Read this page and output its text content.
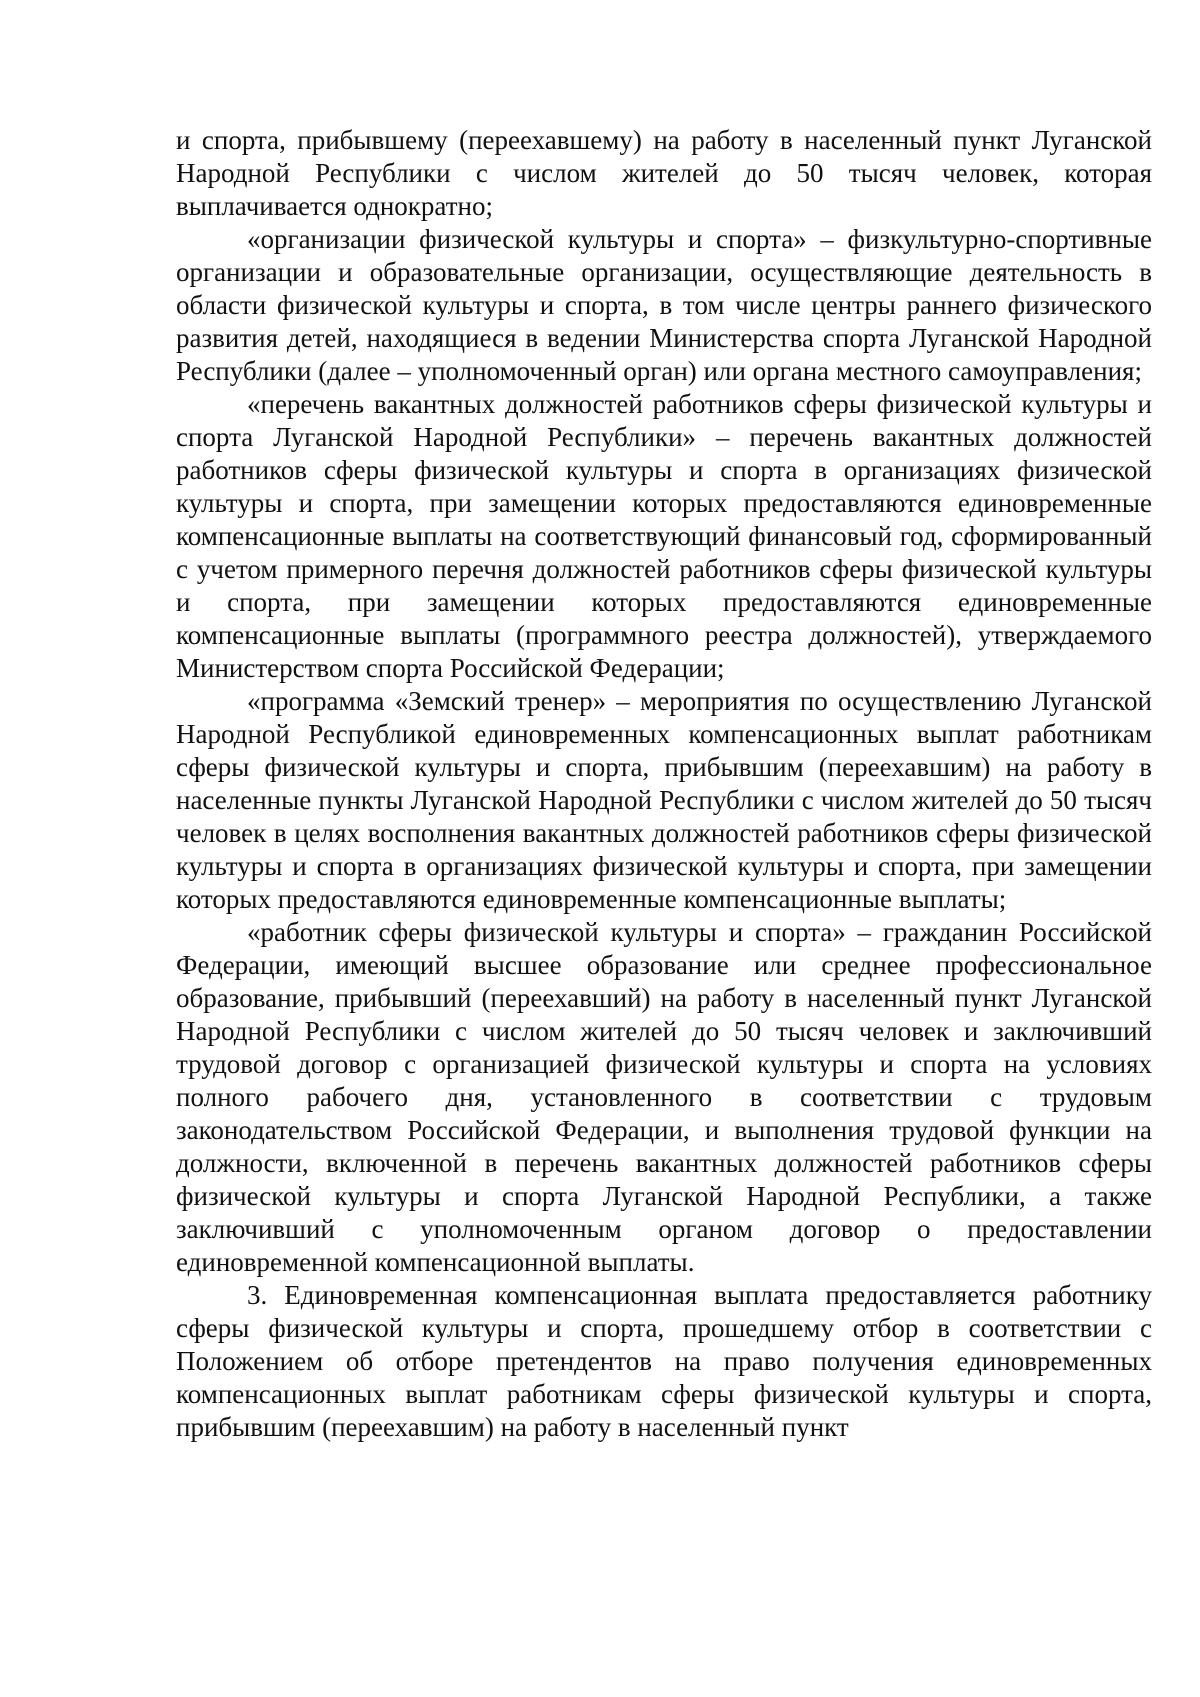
и спорта, прибывшему (переехавшему) на работу в населенный пункт Луганской Народной Республики с числом жителей до 50 тысяч человек, которая выплачивается однократно;

«организации физической культуры и спорта» – физкультурно-спортивные организации и образовательные организации, осуществляющие деятельность в области физической культуры и спорта, в том числе центры раннего физического развития детей, находящиеся в ведении Министерства спорта Луганской Народной Республики (далее – уполномоченный орган) или органа местного самоуправления;

«перечень вакантных должностей работников сферы физической культуры и спорта Луганской Народной Республики» – перечень вакантных должностей работников сферы физической культуры и спорта в организациях физической культуры и спорта, при замещении которых предоставляются единовременные компенсационные выплаты на соответствующий финансовый год, сформированный с учетом примерного перечня должностей работников сферы физической культуры и спорта, при замещении которых предоставляются единовременные компенсационные выплаты (программного реестра должностей), утверждаемого Министерством спорта Российской Федерации;

«программа «Земский тренер» – мероприятия по осуществлению Луганской Народной Республикой единовременных компенсационных выплат работникам сферы физической культуры и спорта, прибывшим (переехавшим) на работу в населенные пункты Луганской Народной Республики с числом жителей до 50 тысяч человек в целях восполнения вакантных должностей работников сферы физической культуры и спорта в организациях физической культуры и спорта, при замещении которых предоставляются единовременные компенсационные выплаты;

«работник сферы физической культуры и спорта» – гражданин Российской Федерации, имеющий высшее образование или среднее профессиональное образование, прибывший (переехавший) на работу в населенный пункт Луганской Народной Республики с числом жителей до 50 тысяч человек и заключивший трудовой договор с организацией физической культуры и спорта на условиях полного рабочего дня, установленного в соответствии с трудовым законодательством Российской Федерации, и выполнения трудовой функции на должности, включенной в перечень вакантных должностей работников сферы физической культуры и спорта Луганской Народной Республики, а также заключивший с уполномоченным органом договор о предоставлении единовременной компенсационной выплаты.

3. Единовременная компенсационная выплата предоставляется работнику сферы физической культуры и спорта, прошедшему отбор в соответствии с Положением об отборе претендентов на право получения единовременных компенсационных выплат работникам сферы физической культуры и спорта, прибывшим (переехавшим) на работу в населенный пункт
